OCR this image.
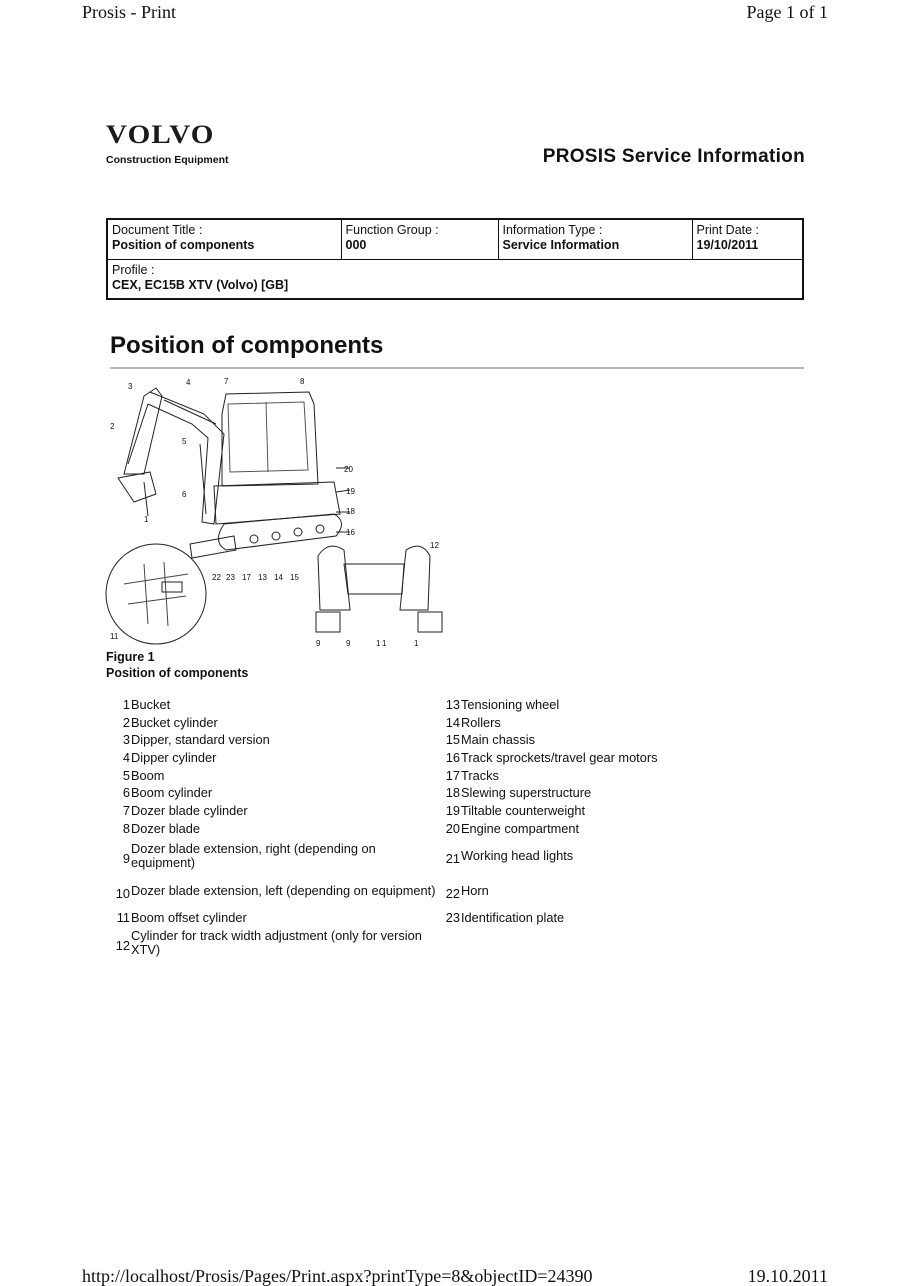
Prosis - Print	Page 1 of 1
VOLVO
Construction Equipment	PROSIS Service Information
Document Title :
Position of components

Function Group :
000

Information Type :
Service Information

Print Date :
19/10/2011

Profile :
CEX, EC15B XTV (Volvo) [GB]
Position of components
3	4	7
2
5
6
1
20
19
18
16
12
22 23 17 13 14 15
11
9	9	1	1
1
8
Figure 1
Position of components
1 Bucket
2 Bucket cylinder
3 Dipper, standard version
4 Dipper cylinder
5 Boom
6 Boom cylinder
7 Dozer blade cylinder
8 Dozer blade
9
Dozer blade extension, right (depending on equipment)
10 Dozer blade extension, left (depending on equipment)
11 Boom offset cylinder
12
Cylinder for track width adjustment (only for version XTV)
13 Tensioning wheel
14 Rollers
15 Main chassis
16 Track sprockets/travel gear motors
17 Tracks
18 Slewing superstructure
19 Tiltable counterweight
20 Engine compartment
21 Working head lights
22 Horn
23 Identification plate
http://localhost/Prosis/Pages/Print.aspx?printType=8&objectID=24390	19.10.2011
